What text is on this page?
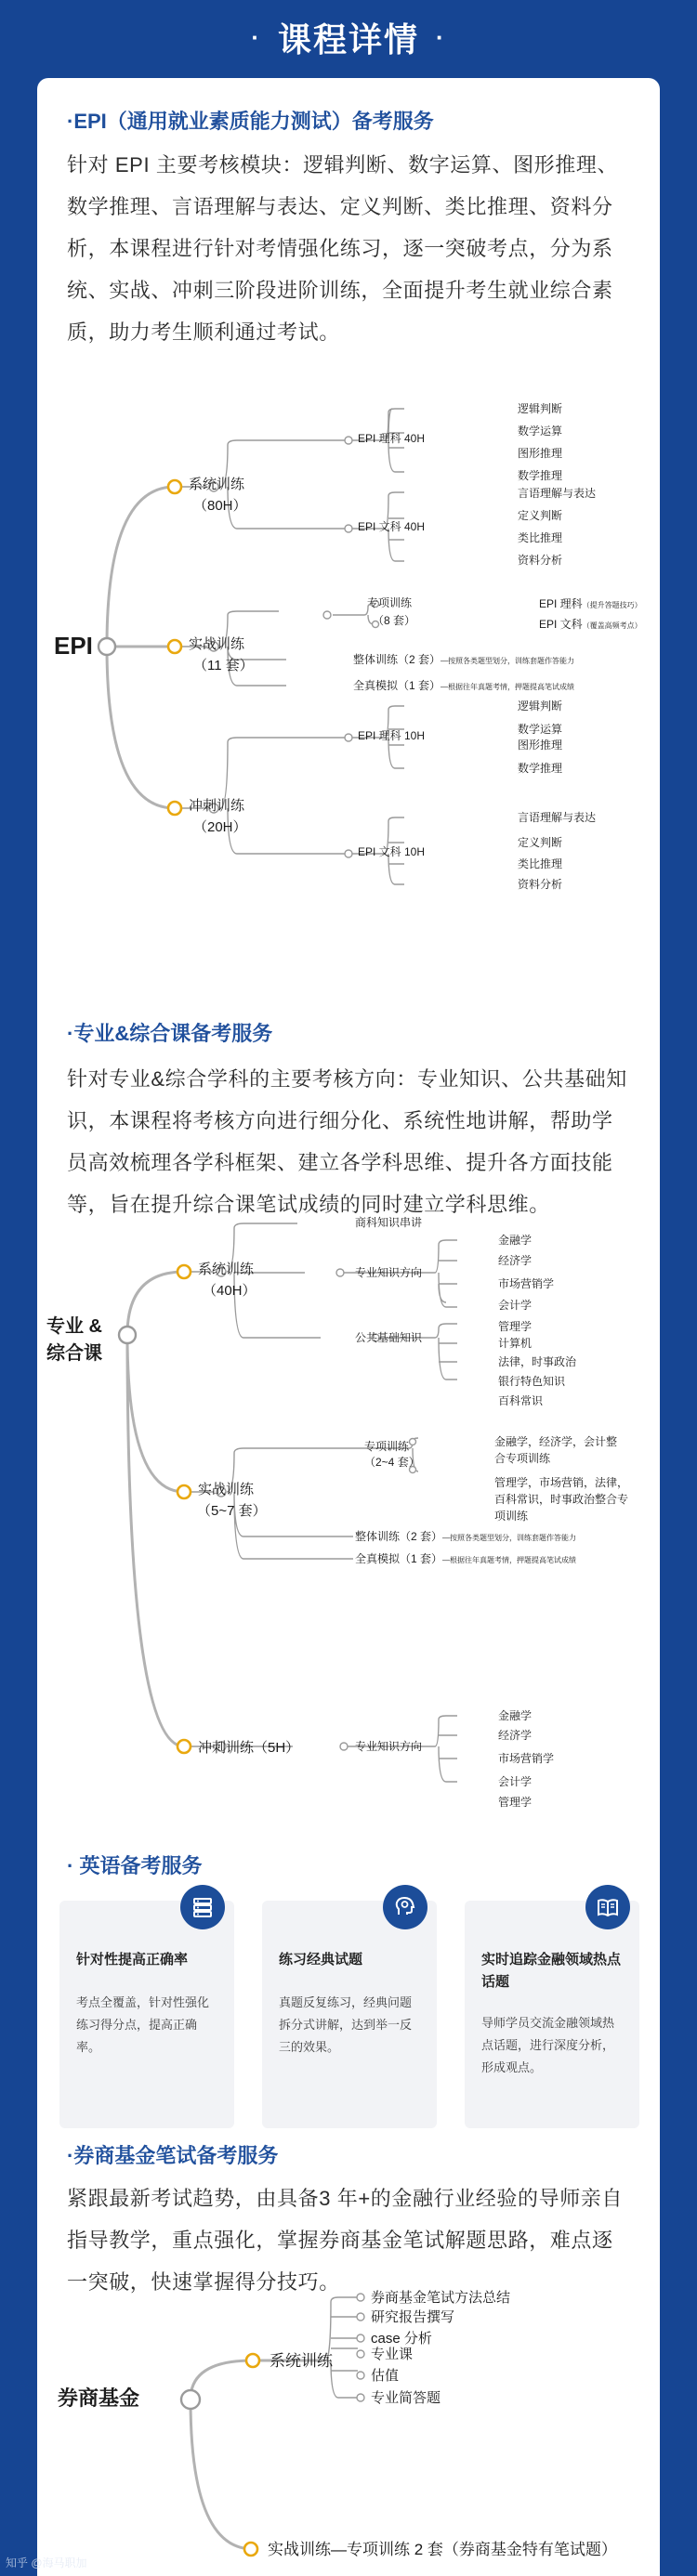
· 课程详情 ·
·EPI（通用就业素质能力测试）备考服务
针对 EPI 主要考核模块：逻辑判断、数字运算、图形推理、数学推理、言语理解与表达、定义判断、类比推理、资料分析，本课程进行针对考情强化练习，逐一突破考点，分为系统、实战、冲刺三阶段进阶训练，全面提升考生就业综合素质，助力考生顺利通过考试。
EPI
系统训练
（80H）
实战训练
（11 套）
冲刺训练
（20H）
EPI 理科 40H
EPI 文科 40H
逻辑判断
数学运算
图形推理
数学推理
言语理解与表达
定义判断
类比推理
资料分析
专项训练
（8 套）
EPI 理科（提升答题技巧）
EPI 文科（覆盖高频考点）
整体训练（2 套）—按照各类题型划分，训练套题作答能力
全真模拟（1 套）—根据往年真题考情，押题提高笔试成绩
EPI 理科 10H
EPI 文科 10H
逻辑判断
数学运算
图形推理
数学推理
言语理解与表达
定义判断
类比推理
资料分析
·专业&综合课备考服务
针对专业&综合学科的主要考核方向：专业知识、公共基础知识，本课程将考核方向进行细分化、系统性地讲解，帮助学员高效梳理各学科框架、建立各学科思维、提升各方面技能等，旨在提升综合课笔试成绩的同时建立学科思维。
专业 &
综合课
系统训练
（40H）
实战训练
（5~7 套）
冲刺训练（5H）
商科知识串讲
专业知识方向
公共基础知识
金融学
经济学
市场营销学
会计学
管理学
计算机
法律，时事政治
银行特色知识
百科常识
专项训练
（2~4 套）
金融学，经济学，会计整
合专项训练
管理学，市场营销，法律，
百科常识，时事政治整合专
项训练
整体训练（2 套）—按照各类题型划分，训练套题作答能力
全真模拟（1 套）—根据往年真题考情，押题提高笔试成绩
专业知识方向
金融学
经济学
市场营销学
会计学
管理学
· 英语备考服务
针对性提高正确率
考点全覆盖，针对性强化练习得分点，提高正确率。
练习经典试题
真题反复练习，经典问题拆分式讲解，达到举一反三的效果。
实时追踪金融领域热点话题
导师学员交流金融领域热点话题，进行深度分析，形成观点。
·券商基金笔试备考服务
紧跟最新考试趋势，由具备3 年+的金融行业经验的导师亲自指导教学，重点强化，掌握券商基金笔试解题思路，难点逐一突破，快速掌握得分技巧。
券商基金
系统训练
实战训练—专项训练 2 套（券商基金特有笔试题）
券商基金笔试方法总结
研究报告撰写
case 分析
专业课
估值
专业简答题
知乎 @海马职加
